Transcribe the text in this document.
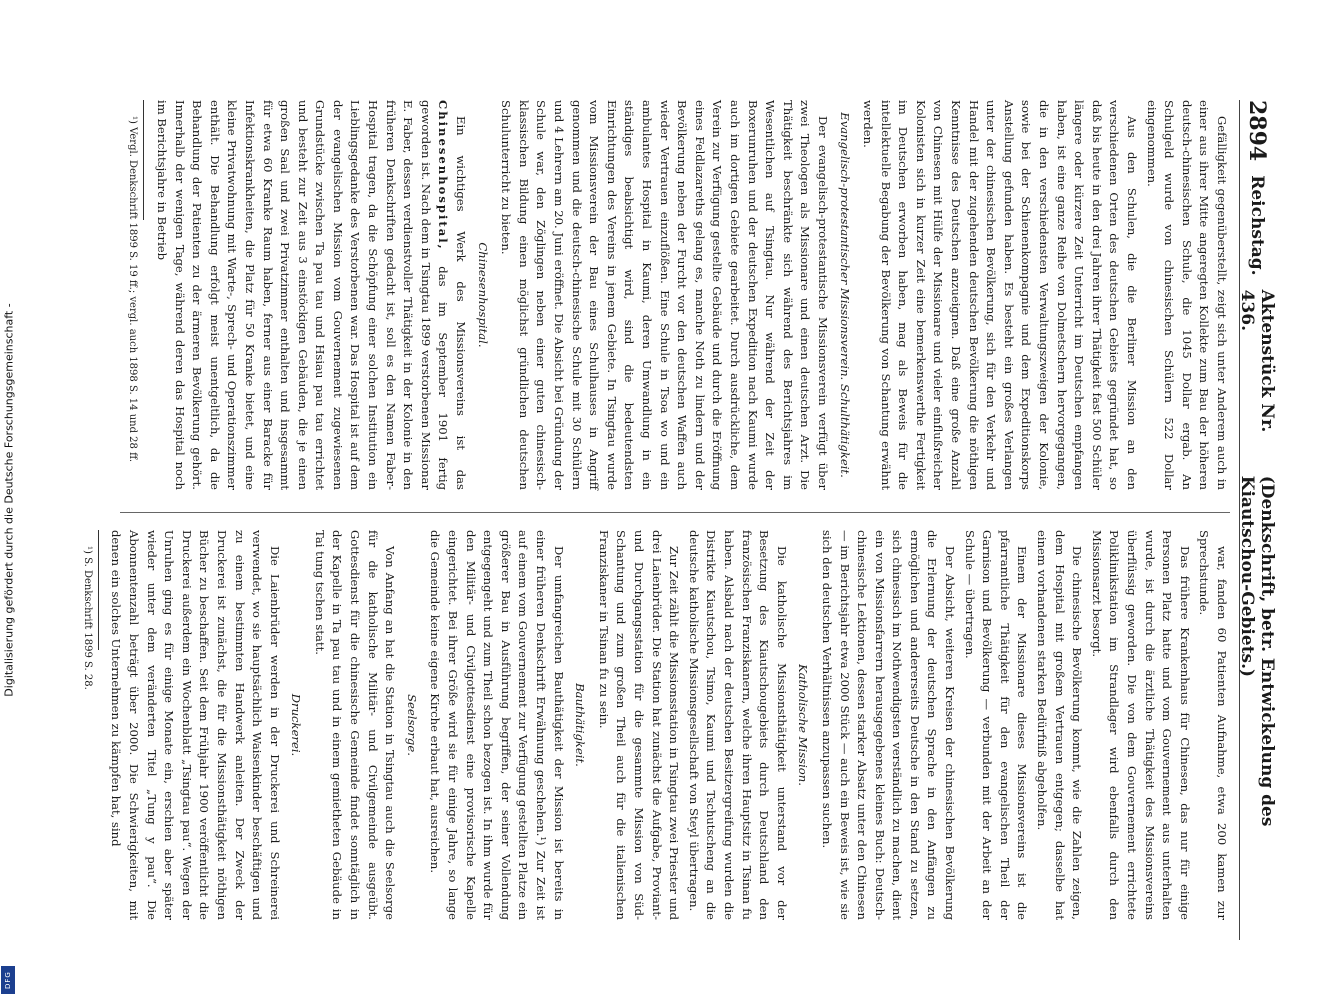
Digitalisierung gefördert durch die Deutsche Forschungsgemeinschaft -
DFG
2894
Reichstag.
Aktenstück Nr. 436.
(Denkschrift, betr. Entwickelung des Kiautschou-Gebiets.)

Gefälligkeit gegenüberstellt, zeigt sich unter Anderem auch in einer aus ihrer Mitte angeregten Kollekte zum Bau der höheren deutsch-chinesischen Schule, die 1045 Dollar ergab. An Schulgeld wurde von chinesischen Schülern 522 Dollar eingenommen.

Aus den Schulen, die die Berliner Mission an den verschiedenen Orten des deutschen Gebiets gegründet hat, so daß bis heute in den drei Jahren ihrer Thätigkeit fast 500 Schüler längere oder kürzere Zeit Unterricht im Deutschen empfangen haben, ist eine ganze Reihe von Dolmetschern hervorgegangen, die in den verschiedensten Verwaltungszweigen der Kolonie, sowie bei der Schienenkompagnie und dem Expeditionskorps Anstellung gefunden haben. Es besteht ein großes Verlangen unter der chinesischen Bevölkerung, sich für den Verkehr und Handel mit der zugehenden deutschen Bevölkerung die nöthigen Kenntnisse des Deutschen anzueignen. Daß eine große Anzahl von Chinesen mit Hülfe der Missionare und vieler einflußreicher Kolonisten sich in kurzer Zeit eine bemerkenswerthe Fertigkeit im Deutschen erworben haben, mag als Beweis für die intellektuelle Begabung der Bevölkerung von Schantung erwähnt werden.

Evangelisch-protestantischer Missionsverein. Schulthätigkeit.

Der evangelisch-protestantische Missionsverein verfügt über zwei Theologen als Missionare und einen deutschen Arzt. Die Thätigkeit beschränkte sich während des Berichtsjahres im Wesentlichen auf Tsingtau. Nur während der Zeit der Boxerunruhen und der deutschen Expedition nach Kaumi wurde auch im dortigen Gebiete gearbeitet. Durch ausdrückliche, dem Verein zur Verfügung gestellte Gebäude und durch die Eröffnung eines Feldlazareths gelang es, manche Noth zu lindern und der Bevölkerung neben der Furcht vor den deutschen Waffen auch wieder Vertrauen einzuflößen. Eine Schule in Tsoa wo und ein ambulantes Hospital in Kaumi, deren Umwandlung in ein ständiges beabsichtigt wird, sind die bedeutendsten Einrichtungen des Vereins in jenem Gebiete. In Tsingtau wurde vom Missionsverein der Bau eines Schulhauses in Angriff genommen und die deutsch-chinesische Schule mit 30 Schülern und 4 Lehrern am 20. Juni eröffnet. Die Absicht bei Gründung der Schule war, den Zöglingen neben einer guten chinesisch-klassischen Bildung einen möglichst gründlichen deutschen Schulunterricht zu bieten.

Chinesenhospital.

Ein wichtiges Werk des Missionsvereins ist das Chinesenhospital, das im September 1901 fertig geworden ist. Nach dem in Tsingtau 1899 verstorbenen Missionar E. Faber, dessen verdienstvoller Thätigkeit in der Kolonie in den früheren Denkschriften gedacht ist, soll es den Namen Faber-Hospital tragen, da die Schöpfung einer solchen Institution ein Lieblingsgedanke des Verstorbenen war. Das Hospital ist auf dem der evangelischen Mission vom Gouvernement zugewiesenen Grundstücke zwischen Ta pau tau und Hsiau pau tau errichtet und besteht zur Zeit aus 3 einstöckigen Gebäuden, die je einen großen Saal und zwei Privatzimmer enthalten und insgesammt für etwa 60 Kranke Raum haben, ferner aus einer Baracke für Infektionskrankheiten, die Platz für 50 Kranke bietet, und eine kleine Privatwohnung mit Warte-, Sprech- und Operationszimmer enthält. Die Behandlung erfolgt meist unentgeltlich, da die Behandlung der Patienten zu der ärmeren Bevölkerung gehört. Innerhalb der wenigen Tage, während deren das Hospital noch im Berichtsjahre in Betrieb

¹) Vergl. Denkschrift 1899 S. 19 ff.; vergl. auch 1898 S. 14 und 28 ff.

war, fanden 60 Patienten Aufnahme, etwa 200 kamen zur Sprechstunde.

Das frühere Krankenhaus für Chinesen, das nur für einige Personen Platz hatte und vom Gouvernement aus unterhalten wurde, ist durch die ärztliche Thätigkeit des Missionsvereins überflüssig geworden. Die von dem Gouvernement errichtete Poliklinikstation im Strandlager wird ebenfalls durch den Missionsarzt besorgt.

Die chinesische Bevölkerung kommt, wie die Zahlen zeigen, dem Hospital mit großem Vertrauen entgegen; dasselbe hat einem vorhandenen starken Bedürfniß abgeholfen.

Einem der Missionare dieses Missionsvereins ist die pfarramtliche Thätigkeit für den evangelischen Theil der Garnison und Bevölkerung — verbunden mit der Arbeit an der Schule — übertragen.

Der Absicht, weiteren Kreisen der chinesischen Bevölkerung die Erlernung der deutschen Sprache in den Anfängen zu ermöglichen und andererseits Deutsche in den Stand zu setzen, sich chinesisch im Nothwendigsten verständlich zu machen, dient ein von Missionsfarrern herausgegebenes kleines Buch: Deutsch-chinesische Lektionen, dessen starker Absatz unter den Chinesen — im Berichtsjahr etwa 2000 Stück — auch ein Beweis ist, wie sie sich den deutschen Verhältnissen anzupassen suchen.

Katholische Mission.

Die katholische Missionsthätigkeit unterstand vor der Besetzung des Kiautschougebiets durch Deutschland den französischen Franziskanern, welche ihren Hauptsitz in Tsinan fu haben. Alsbald nach der deutschen Besitzergreifung wurden die Distrikte Kiautschou, Tsimo, Kaumi und Tschutscheng an die deutsche katholische Missionsgesellschaft von Steyl übertragen.

Zur Zeit zählt die Missionsstation in Tsingtau zwei Priester und drei Laienbrüder. Die Station hat zunächst die Aufgabe, Proviant- und Durchgangsstation für die gesammte Mission von Süd-Schantung und zum großen Theil auch für die italienischen Franziskaner in Tsinan fu zu sein.

Bauthätigkeit.

Der umfangreichen Bauthätigkeit der Mission ist bereits in einer früheren Denkschrift Erwähnung geschehen.¹) Zur Zeit ist auf einem vom Gouvernement zur Verfügung gestellten Platze ein größerer Bau in Ausführung begriffen, der seiner Vollendung entgegengeht und zum Theil schon bezogen ist. In ihm wurde für den Militär- und Civilgottesdienst eine provisorische Kapelle eingerichtet. Bei ihrer Größe wird sie für einige Jahre, so lange die Gemeinde keine eigene Kirche erbaut hat, ausreichen.

Seelsorge.

Von Anfang an hat die Station in Tsingtau auch die Seelsorge für die katholische Militär- und Civilgemeinde ausgeübt. Gottesdienst für die chinesische Gemeinde findet sonntäglich in der Kapelle in Ta pau tau und in einem gemietheten Gebäude in Tai tung tschen statt.

Druckerei.

Die Laienbrüder werden in der Druckerei und Schreinerei verwendet, wo sie hauptsächlich Waisenkinder beschäftigen und zu einem bestimmten Handwerk anleiten. Der Zweck der Druckerei ist zunächst, die für die Missionsthätigkeit nöthigen Bücher zu beschaffen. Seit dem Frühjahr 1900 veröffentlicht die Druckerei außerdem ein Wochenblatt „Tsingtau pau“. Wegen der Unruhen ging es für einige Monate ein, erschien aber später wieder unter dem veränderten Titel „Tung y pau“. Die Abonnentenzahl beträgt über 2000. Die Schwierigkeiten, mit denen ein solches Unternehmen zu kämpfen hat, sind

¹) S. Denkschrift 1899 S. 28.
